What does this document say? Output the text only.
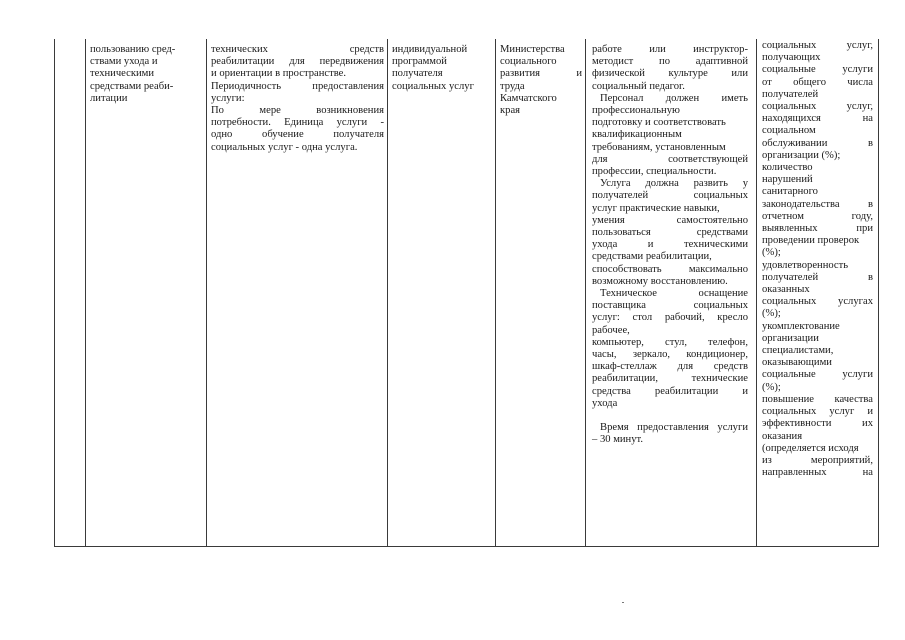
пользованию сред-

ствами ухода и

техническими

средствами реаби-

литации

технических средств

реабилитации для передвижения

и ориентации в пространстве.

Периодичность предоставления

услуги:

По мере возникновения

потребности. Единица услуги -

одно обучение получателя

социальных услуг - одна услуга.

индивидуальной

программой

получателя

социальных услуг

Министерства

социального

развития и

труда

Камчатского

края

работе или инструктор-

методист по адаптивной

физической культуре или

социальный педагог.

Персонал должен иметь

профессиональную

подготовку и соответствовать

квалификационным

требованиям, установленным

для соответствующей

профессии, специальности.

Услуга должна развить у

получателей социальных

услуг практические навыки,

умения самостоятельно

пользоваться средствами

ухода и техническими

средствами реабилитации,

способствовать максимально

возможному восстановлению.

Техническое оснащение

поставщика социальных

услуг: стол рабочий, кресло

рабочее,

компьютер, стул, телефон,

часы, зеркало, кондиционер,

шкаф-стеллаж для средств

реабилитации, технические

средства реабилитации и

ухода

Время предоставления услуги

– 30 минут.

социальных услуг,

получающих

социальные услуги

от общего числа

получателей

социальных услуг,

находящихся на

социальном

обслуживании в

организации (%);

количество

нарушений

санитарного

законодательства в

отчетном году,

выявленных при

проведении проверок

(%);

удовлетворенность

получателей в

оказанных

социальных услугах

(%);

укомплектование

организации

специалистами,

оказывающими

социальные услуги

(%);

повышение качества

социальных услуг и

эффективности их

оказания

(определяется исходя

из мероприятий,

направленных на
